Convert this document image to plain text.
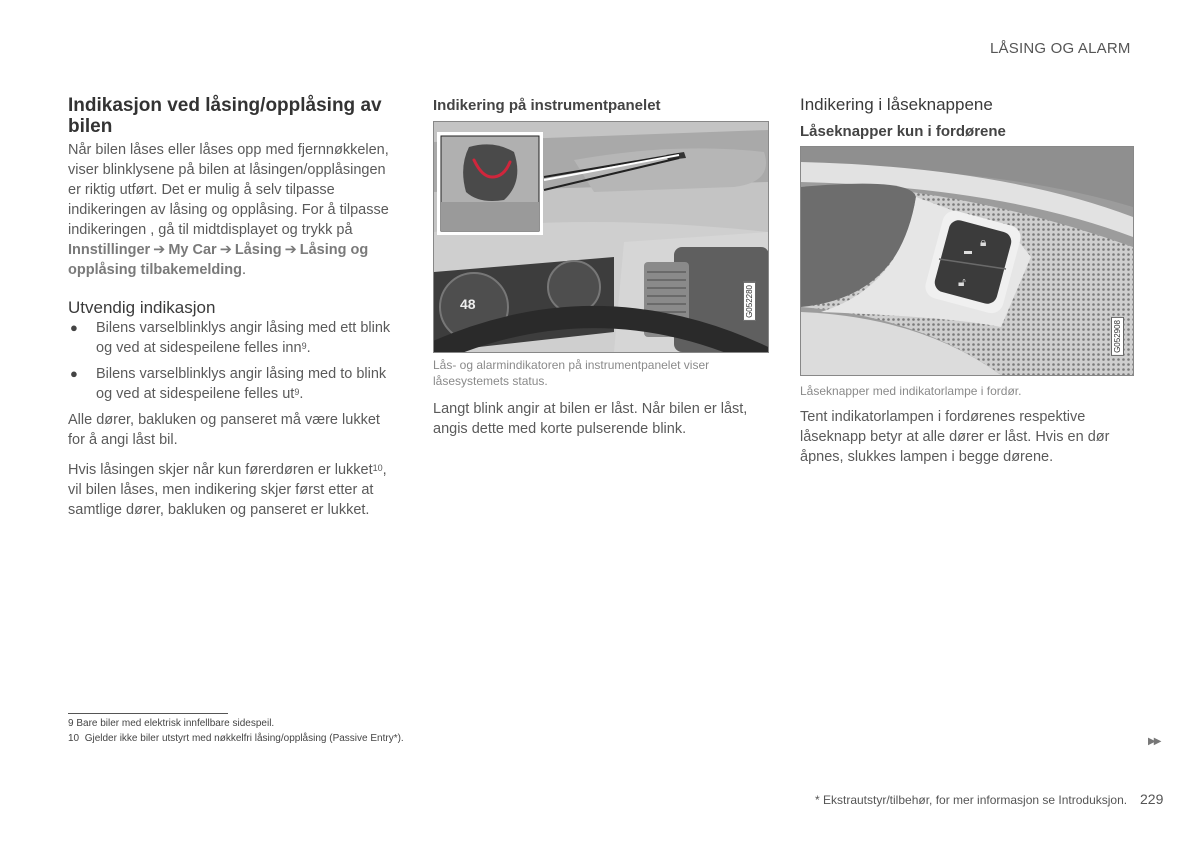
LÅSING OG ALARM
Indikasjon ved låsing/opplåsing av bilen

Når bilen låses eller låses opp med fjernnøkkelen, viser blinklysene på bilen at låsingen/opplåsingen er riktig utført. Det er mulig å selv tilpasse indikeringen av låsing og opplåsing. For å tilpasse indikeringen , gå til midtdisplayet og trykk på Innstillinger ➔ My Car ➔ Låsing ➔ Låsing og opplåsing tilbakemelding.

Utvendig indikasjon
● Bilens varselblinklys angir låsing med ett blink og ved at sidespeilene felles inn$^9$.
● Bilens varselblinklys angir låsing med to blink og ved at sidespeilene felles $ut^9$.

Alle dører, bakluken og panseret må være lukket for å angi låst bil.

Hvis låsingen skjer når kun førerdøren er lukket$^{10}$, vil bilen låses, men indikering skjer først etter at samtlige dører, bakluken og panseret er lukket.

Indikering på instrumentpanelet
48	G052280
Lås- og alarmindikatoren på instrumentpanelet viser låsesystemets status.

Langt blink angir at bilen er låst. Når bilen er låst, angis dette med korte pulserende blink.

Indikering i låseknappene
Låseknapper kun i fordørene
🔒︎
🔓︎
G052908
Låseknapper med indikatorlampe i fordør.

Tent indikatorlampen i fordørenes respektive låseknapp betyr at alle dører er låst. Hvis en dør åpnes, slukkes lampen i begge dørene.

9 Bare biler med elektrisk innfellbare sidespeil.
10 Gjelder ikke biler utstyrt med nøkkelfri låsing/opplåsing (Passive Entry*).	▶▶
* Ekstrautstyr/tilbehør, for mer informasjon se Introduksjon. 229
